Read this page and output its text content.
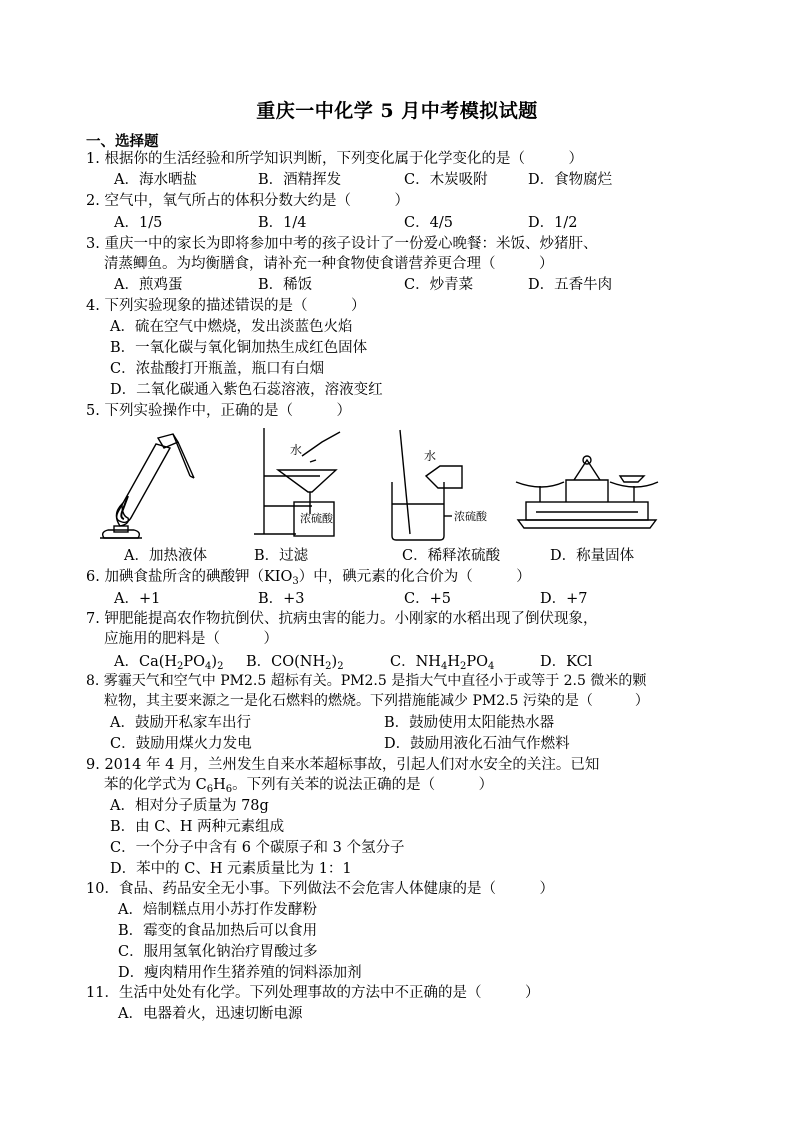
重庆一中化学 5 月中考模拟试题
一、选择题
1. 根据你的生活经验和所学知识判断，下列变化属于化学变化的是（　　　）
A．海水晒盐	B．酒精挥发	C．木炭吸附	D．食物腐烂
2. 空气中，氧气所占的体积分数大约是（　　　）
A．1/5	B．1/4	C．4/5	D．1/2
3. 重庆一中的家长为即将参加中考的孩子设计了一份爱心晚餐：米饭、炒猪肝、
清蒸鲫鱼。为均衡膳食，请补充一种食物使食谱营养更合理（　　　）
A．煎鸡蛋	B．稀饭	C．炒青菜	D．五香牛肉
4. 下列实验现象的描述错误的是（　　　）
A．硫在空气中燃烧，发出淡蓝色火焰
B．一氧化碳与氧化铜加热生成红色固体
C．浓盐酸打开瓶盖，瓶口有白烟
D．二氧化碳通入紫色石蕊溶液，溶液变红
5. 下列实验操作中，正确的是（　　　）
水
浓硫酸
水
浓硫酸
A．加热液体	B．过滤	C．稀释浓硫酸	D．称量固体
6. 加碘食盐所含的碘酸钾$(KIO_3)$中，碘元素的化合价为（　　　）
A．+1	B．+3	C．+5	D．+7
7. 钾肥能提高农作物抗倒伏、抗病虫害的能力。小刚家的水稻出现了倒伏现象，
应施用的肥料是（　　　）
A．$Ca(H_2PO_4)_2$ B．$CO(NH_2)_2$	C．$NH_4H_2PO_4$	D．KCl
8. 雾霾天气和空气中 PM2.5 超标有关。PM2.5 是指大气中直径小于或等于 2.5 微米的颗
粒物，其主要来源之一是化石燃料的燃烧。下列措施能减少 PM2.5 污染的是（　　　）
A．鼓励开私家车出行	B．鼓励使用太阳能热水器
C．鼓励用煤火力发电	D．鼓励用液化石油气作燃料
9. 2014 年 4 月，兰州发生自来水苯超标事故，引起人们对水安全的关注。已知
苯的化学式为 $C_6H_6$。下列有关苯的说法正确的是（　　　）
A．相对分子质量为 78g
B．由 C、H 两种元素组成
C．一个分子中含有 6 个碳原子和 3 个氢分子
D．苯中的 C、H 元素质量比为 1：1
10．食品、药品安全无小事。下列做法不会危害人体健康的是（　　　）
A．焙制糕点用小苏打作发酵粉
B．霉变的食品加热后可以食用
C．服用氢氧化钠治疗胃酸过多
D．瘦肉精用作生猪养殖的饲料添加剂
11．生活中处处有化学。下列处理事故的方法中不正确的是（　　　）
A．电器着火，迅速切断电源
